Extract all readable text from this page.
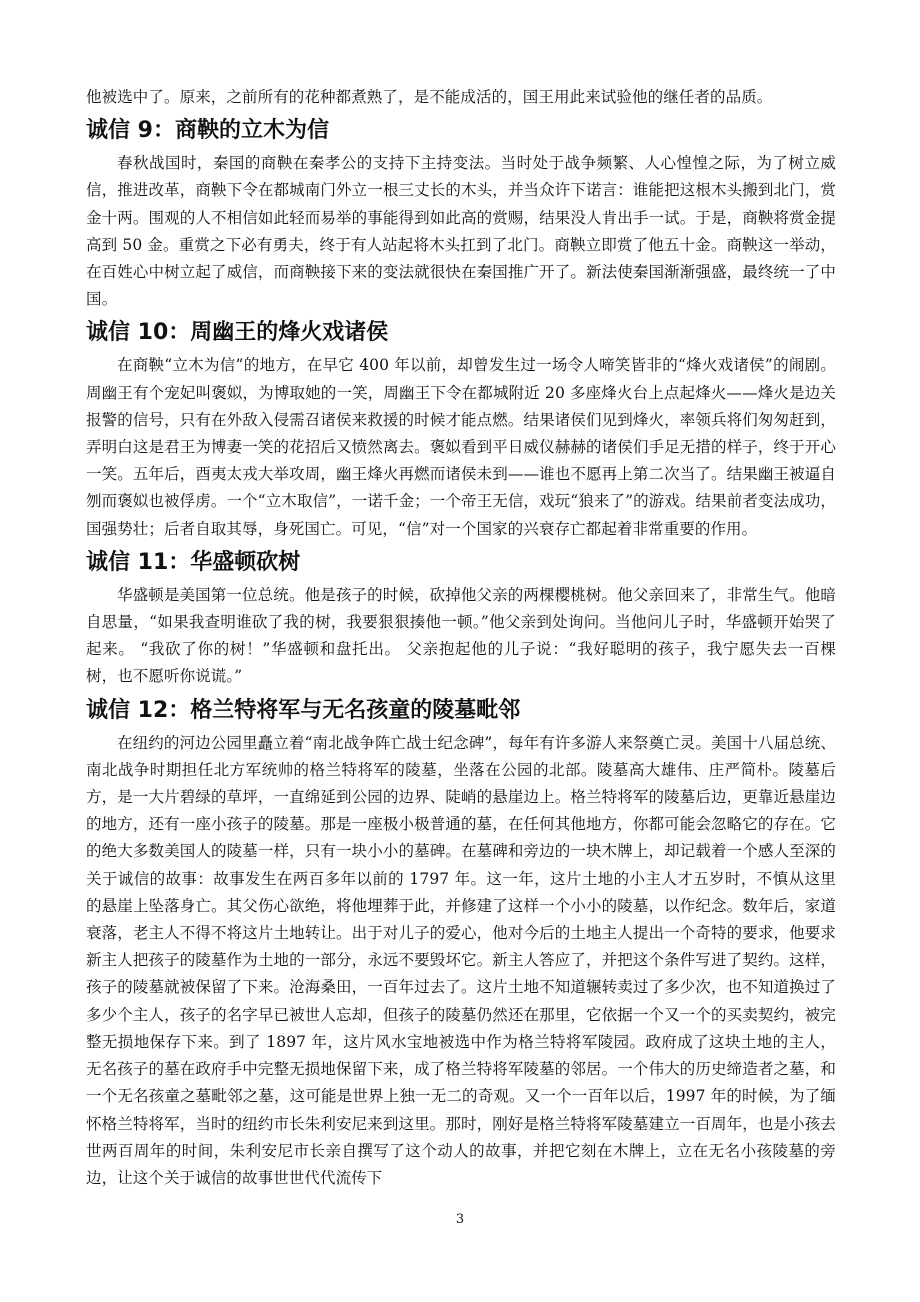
他被选中了。原来，之前所有的花种都煮熟了，是不能成活的，国王用此来试验他的继任者的品质。

诚信 9：商鞅的立木为信

春秋战国时，秦国的商鞅在秦孝公的支持下主持变法。当时处于战争频繁、人心惶惶之际，为了树立威信，推进改革，商鞅下令在都城南门外立一根三丈长的木头，并当众许下诺言：谁能把这根木头搬到北门，赏金十两。围观的人不相信如此轻而易举的事能得到如此高的赏赐，结果没人肯出手一试。于是，商鞅将赏金提高到 50 金。重赏之下必有勇夫，终于有人站起将木头扛到了北门。商鞅立即赏了他五十金。商鞅这一举动，在百姓心中树立起了威信，而商鞅接下来的变法就很快在秦国推广开了。新法使秦国渐渐强盛，最终统一了中国。

诚信 10：周幽王的烽火戏诸侯

在商鞅“立木为信”的地方，在早它 400 年以前，却曾发生过一场令人啼笑皆非的“烽火戏诸侯”的闹剧。周幽王有个宠妃叫褒姒，为博取她的一笑，周幽王下令在都城附近 20 多座烽火台上点起烽火——烽火是边关报警的信号，只有在外敌入侵需召诸侯来救援的时候才能点燃。结果诸侯们见到烽火，率领兵将们匆匆赶到，弄明白这是君王为博妻一笑的花招后又愤然离去。褒姒看到平日威仪赫赫的诸侯们手足无措的样子，终于开心一笑。五年后，酉夷太戎大举攻周，幽王烽火再燃而诸侯未到——谁也不愿再上第二次当了。结果幽王被逼自刎而褒姒也被俘虏。一个“立木取信”，一诺千金；一个帝王无信，戏玩“狼来了”的游戏。结果前者变法成功，国强势壮；后者自取其辱，身死国亡。可见，“信”对一个国家的兴衰存亡都起着非常重要的作用。

诚信 11：华盛顿砍树

华盛顿是美国第一位总统。他是孩子的时候，砍掉他父亲的两棵樱桃树。他父亲回来了，非常生气。他暗自思量，“如果我查明谁砍了我的树，我要狠狠揍他一顿。”他父亲到处询问。当他问儿子时，华盛顿开始哭了起来。 “我砍了你的树！”华盛顿和盘托出。 父亲抱起他的儿子说：“我好聪明的孩子，我宁愿失去一百棵树，也不愿听你说谎。”

诚信 12：格兰特将军与无名孩童的陵墓毗邻

在纽约的河边公园里矗立着“南北战争阵亡战士纪念碑”，每年有许多游人来祭奠亡灵。美国十八届总统、南北战争时期担任北方军统帅的格兰特将军的陵墓，坐落在公园的北部。陵墓高大雄伟、庄严简朴。陵墓后方，是一大片碧绿的草坪，一直绵延到公园的边界、陡峭的悬崖边上。格兰特将军的陵墓后边，更靠近悬崖边的地方，还有一座小孩子的陵墓。那是一座极小极普通的墓，在任何其他地方，你都可能会忽略它的存在。它的绝大多数美国人的陵墓一样，只有一块小小的墓碑。在墓碑和旁边的一块木牌上，却记载着一个感人至深的关于诚信的故事：故事发生在两百多年以前的 1797 年。这一年，这片土地的小主人才五岁时，不慎从这里的悬崖上坠落身亡。其父伤心欲绝，将他埋葬于此，并修建了这样一个小小的陵墓，以作纪念。数年后，家道衰落，老主人不得不将这片土地转让。出于对儿子的爱心，他对今后的土地主人提出一个奇特的要求，他要求新主人把孩子的陵墓作为土地的一部分，永远不要毁坏它。新主人答应了，并把这个条件写进了契约。这样，孩子的陵墓就被保留了下来。沧海桑田，一百年过去了。这片土地不知道辗转卖过了多少次，也不知道换过了多少个主人，孩子的名字早已被世人忘却，但孩子的陵墓仍然还在那里，它依据一个又一个的买卖契约，被完整无损地保存下来。到了 1897 年，这片风水宝地被选中作为格兰特将军陵园。政府成了这块土地的主人，无名孩子的墓在政府手中完整无损地保留下来，成了格兰特将军陵墓的邻居。一个伟大的历史缔造者之墓，和一个无名孩童之墓毗邻之墓，这可能是世界上独一无二的奇观。又一个一百年以后，1997 年的时候，为了缅怀格兰特将军，当时的纽约市长朱利安尼来到这里。那时，刚好是格兰特将军陵墓建立一百周年，也是小孩去世两百周年的时间，朱利安尼市长亲自撰写了这个动人的故事，并把它刻在木牌上，立在无名小孩陵墓的旁边，让这个关于诚信的故事世世代代流传下

3
